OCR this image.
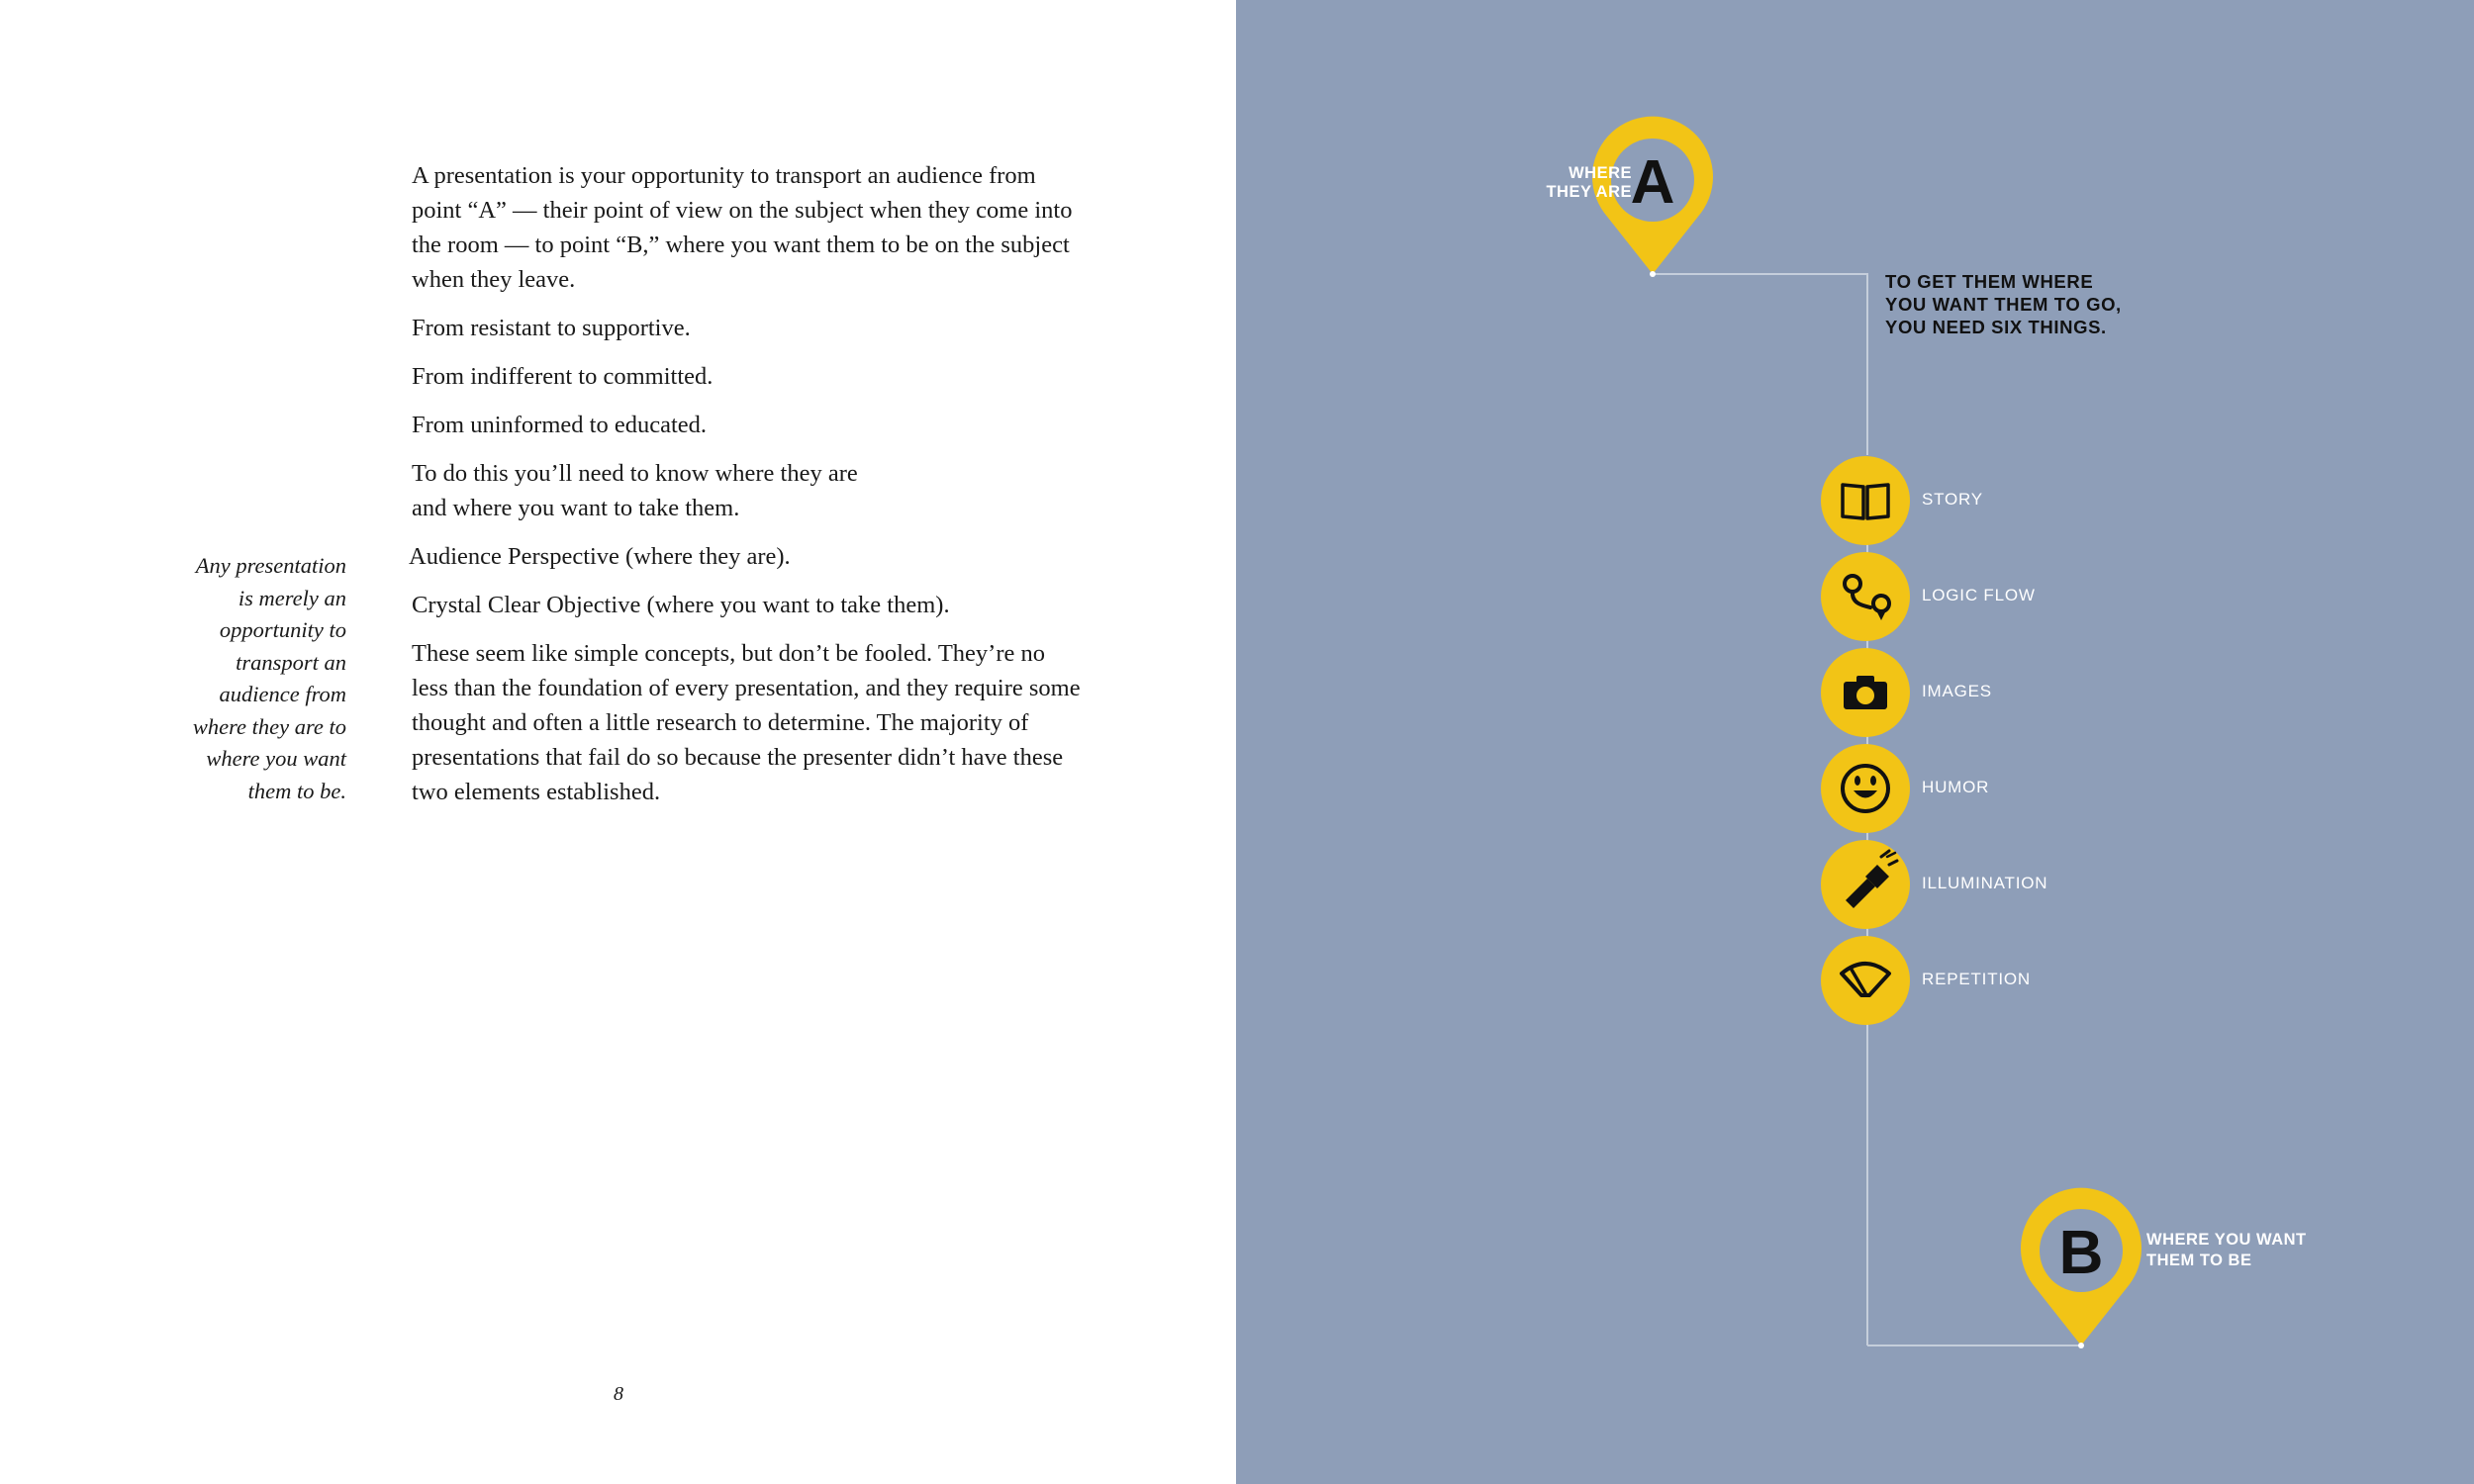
A presentation is your opportunity to transport an audience from point “A” — their point of view on the subject when they come into the room — to point “B,” where you want them to be on the subject when they leave.

From resistant to supportive.

From indifferent to committed.

From uninformed to educated.

To do this you’ll need to know where they are
and where you want to take them.

Audience Perspective (where they are).

Crystal Clear Objective (where you want to take them).

These seem like simple concepts, but don’t be fooled. They’re no less than the foundation of every presentation, and they require some thought and often a little research to determine. The majority of presentations that fail do so because the presenter didn’t have these two elements established.

Any presentation
is merely an
opportunity to
transport an
audience from
where they are to
where you want
them to be.
8
A
B
WHERE
THEY ARE
TO GET THEM WHERE
YOU WANT THEM TO GO,
YOU NEED SIX THINGS.
WHERE YOU WANT
THEM TO BE
STORY
LOGIC FLOW
IMAGES
HUMOR
ILLUMINATION
REPETITION
